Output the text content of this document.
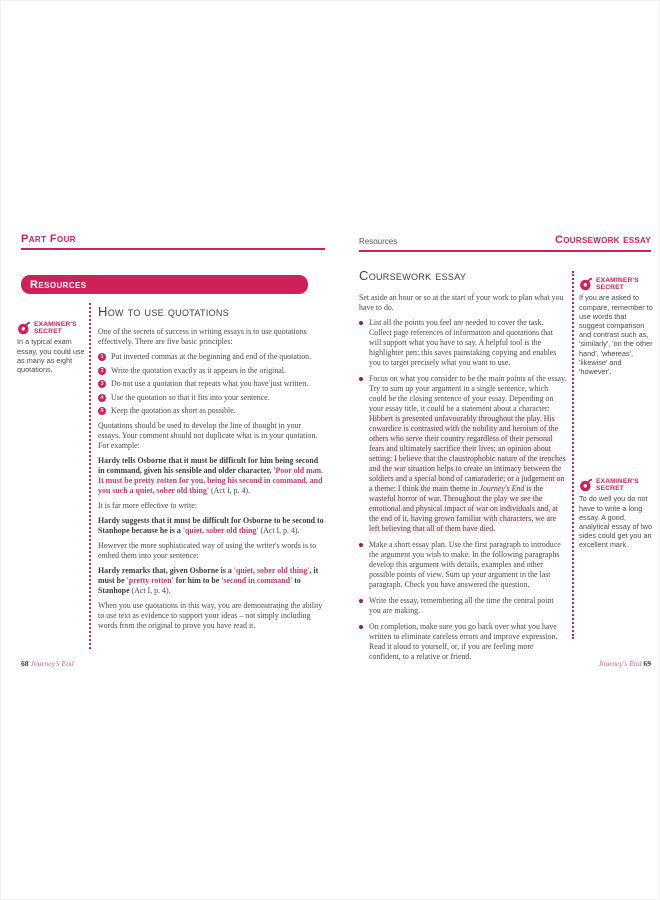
Part Four
Resources
How to use quotations
EXAMINER'S SECRET
In a typical exam essay, you could use as many as eight quotations.

One of the secrets of success in writing essays is to use quotations effectively. There are five basic principles:

1 Put inverted commas at the beginning and end of the quotation.
2 Write the quotation exactly as it appears in the original.
3 Do not use a quotation that repeats what you have just written.
4 Use the quotation so that it fits into your sentence.
5 Keep the quotation as short as possible.

Quotations should be used to develop the line of thought in your essays. Your comment should not duplicate what is in your quotation. For example:

Hardy tells Osborne that it must be difficult for him being second in command, given his sensible and older character, 'Poor old man. It must be pretty rotten for you, being his second in command, and you such a quiet, sober old thing' (Act I, p. 4).

It is far more effective to write:

Hardy suggests that it must be difficult for Osborne to be second to Stanhope because he is a 'quiet, sober old thing' (Act I, p. 4).

However the more sophisticated way of using the writer's words is to embed them into your sentence:

Hardy remarks that, given Osborne is a 'quiet, sober old thing', it must be 'pretty rotten' for him to be 'second in command' to Stanhope (Act I, p. 4).

When you use quotations in this way, you are demonstrating the ability to use text as evidence to support your ideas – not simply including words from the original to prove you have read it.

68 Journey's End
Resources	Coursework essay
Coursework essay

Set aside an hour or so at the start of your work to plan what you have to do.

List all the points you feel are needed to cover the task. Collect page references of information and quotations that will support what you have to say. A helpful tool is the highlighter pen: this saves painstaking copying and enables you to target precisely what you want to use.
Focus on what you consider to be the main points of the essay. Try to sum up your argument in a single sentence, which could be the closing sentence of your essay. Depending on your essay title, it could be a statement about a character: Hibbert is presented unfavourably throughout the play. His cowardice is contrasted with the nobility and heroism of the others who serve their country regardless of their personal fears and ultimately sacrifice their lives; an opinion about setting: I believe that the claustrophobic nature of the trenches and the war situation helps to create an intimacy between the soldiers and a special bond of camaraderie; or a judgement on a theme: I think the main theme in Journey's End is the wasteful horror of war. Throughout the play we see the emotional and physical impact of war on individuals and, at the end of it, having grown familiar with characters, we are left believing that all of them have died.
Make a short essay plan. Use the first paragraph to introduce the argument you wish to make. In the following paragraphs develop this argument with details, examples and other possible points of view. Sum up your argument in the last paragraph. Check you have answered the question.
Write the essay, remembering all the time the central point you are making.
On completion, make sure you go back over what you have written to eliminate careless errors and improve expression. Read it aloud to yourself, or, if you are feeling more confident, to a relative or friend.
EXAMINER'S SECRET
If you are asked to compare, remember to use words that suggest comparison and contrast such as, 'similarly', 'on the other hand', 'whereas', 'likewise' and 'however'.
EXAMINER'S SECRET
To do well you do not have to write a long essay. A good, analytical essay of two sides could get you an excellent mark.
Journey's End 69
